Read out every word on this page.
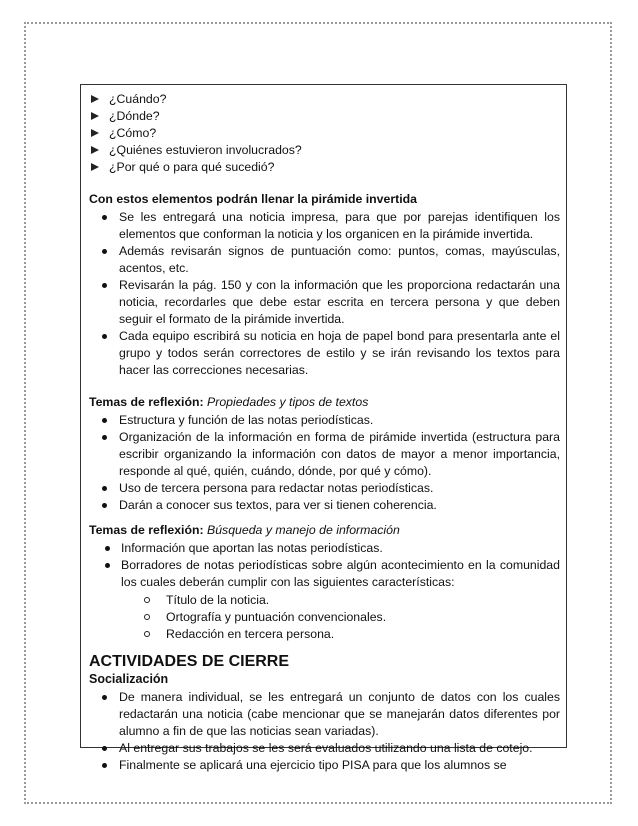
¿Cuándo?
¿Dónde?
¿Cómo?
¿Quiénes estuvieron involucrados?
¿Por qué o para qué sucedió?
Con estos elementos podrán llenar la pirámide invertida
Se les entregará una noticia impresa, para que por parejas identifiquen los elementos que conforman la noticia y los organicen en la pirámide invertida.
Además revisarán signos de puntuación como: puntos, comas, mayúsculas, acentos, etc.
Revisarán la pág. 150 y con la información que les proporciona redactarán una noticia, recordarles que debe estar escrita en tercera persona y que deben seguir el formato de la pirámide invertida.
Cada equipo escribirá su noticia en hoja de papel bond para presentarla ante el grupo y todos serán correctores de estilo y se irán revisando los textos para hacer las correcciones necesarias.
Temas de reflexión: Propiedades y tipos de textos
Estructura y función de las notas periodísticas.
Organización de la información en forma de pirámide invertida (estructura para escribir organizando la información con datos de mayor a menor importancia, responde al qué, quién, cuándo, dónde, por qué y cómo).
Uso de tercera persona para redactar notas periodísticas.
Darán a conocer sus textos, para ver si tienen coherencia.
Temas de reflexión: Búsqueda y manejo de información
Información que aportan las notas periodísticas.
Borradores de notas periodísticas sobre algún acontecimiento en la comunidad los cuales deberán cumplir con las siguientes características:
Título de la noticia.
Ortografía y puntuación convencionales.
Redacción en tercera persona.
ACTIVIDADES DE CIERRE
Socialización
De manera individual, se les entregará un conjunto de datos con los cuales redactarán una noticia (cabe mencionar que se manejarán datos diferentes por alumno a fin de que las noticias sean variadas).
Al entregar sus trabajos se les será evaluados utilizando una lista de cotejo.
Finalmente se aplicará una ejercicio tipo PISA para que los alumnos se
